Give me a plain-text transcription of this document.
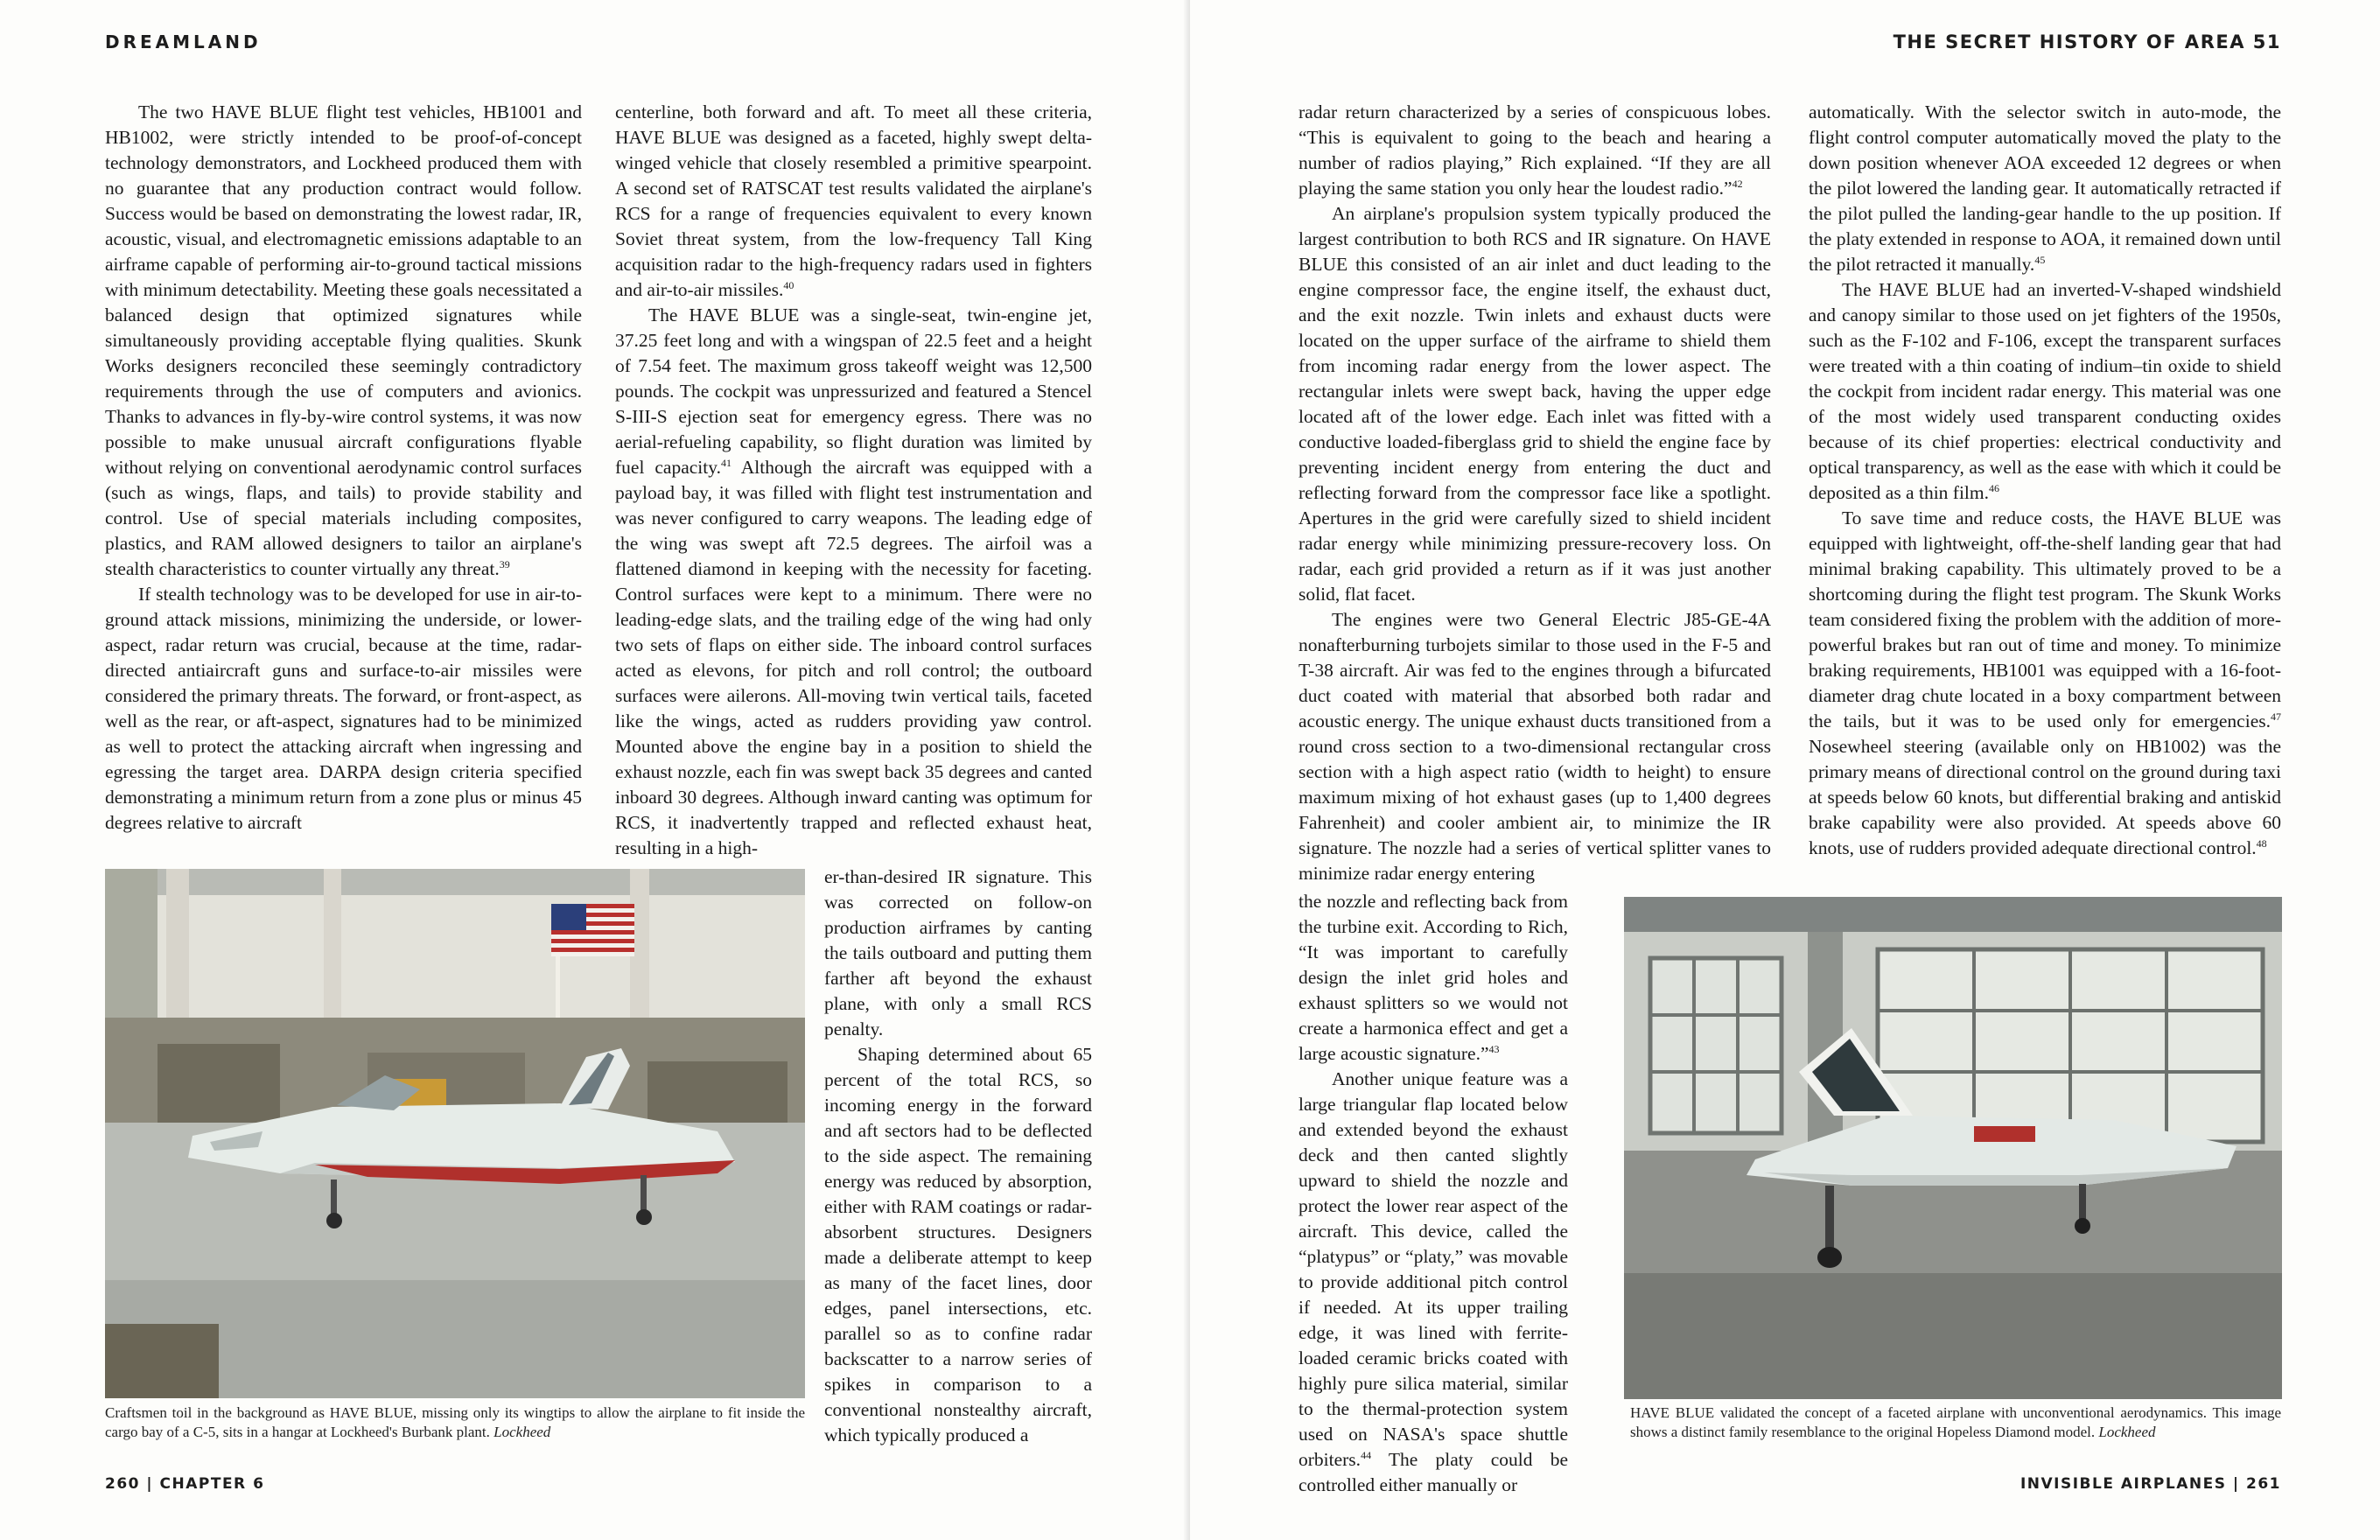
DREAMLAND

The two HAVE BLUE flight test vehicles, HB1001 and HB1002, were strictly intended to be proof-of-concept technology demonstrators, and Lockheed produced them with no guarantee that any production contract would follow. Success would be based on demonstrating the lowest radar, IR, acoustic, visual, and electromagnetic emissions adaptable to an airframe capable of performing air-to-ground tactical missions with minimum detectability. Meeting these goals necessitated a balanced design that optimized signatures while simultaneously providing acceptable flying qualities. Skunk Works designers reconciled these seemingly contradictory requirements through the use of computers and avionics. Thanks to advances in fly-by-wire control systems, it was now possible to make unusual aircraft configurations flyable without relying on conventional aerodynamic control surfaces (such as wings, flaps, and tails) to provide stability and control. Use of special materials including composites, plastics, and RAM allowed designers to tailor an airplane's stealth characteristics to counter virtually any threat.$^{39}$

If stealth technology was to be developed for use in air-to-ground attack missions, minimizing the underside, or lower-aspect, radar return was crucial, because at the time, radar-directed antiaircraft guns and surface-to-air missiles were considered the primary threats. The forward, or front-aspect, as well as the rear, or aft-aspect, signatures had to be minimized as well to protect the attacking aircraft when ingressing and egressing the target area. DARPA design criteria specified demonstrating a minimum return from a zone plus or minus 45 degrees relative to aircraft

centerline, both forward and aft. To meet all these criteria, HAVE BLUE was designed as a faceted, highly swept delta-winged vehicle that closely resembled a primitive spearpoint. A second set of RATSCAT test results validated the airplane's RCS for a range of frequencies equivalent to every known Soviet threat system, from the low-frequency Tall King acquisition radar to the high-frequency radars used in fighters and air-to-air missiles.$^{40}$

The HAVE BLUE was a single-seat, twin-engine jet, 37.25 feet long and with a wingspan of 22.5 feet and a height of 7.54 feet. The maximum gross takeoff weight was 12,500 pounds. The cockpit was unpressurized and featured a Stencel S-III-S ejection seat for emergency egress. There was no aerial-refueling capability, so flight duration was limited by fuel capacity.$^{41}$ Although the aircraft was equipped with a payload bay, it was filled with flight test instrumentation and was never configured to carry weapons. The leading edge of the wing was swept aft 72.5 degrees. The airfoil was a flattened diamond in keeping with the necessity for faceting. Control surfaces were kept to a minimum. There were no leading-edge slats, and the trailing edge of the wing had only two sets of flaps on either side. The inboard control surfaces acted as elevons, for pitch and roll control; the outboard surfaces were ailerons. All-moving twin vertical tails, faceted like the wings, acted as rudders providing yaw control. Mounted above the engine bay in a position to shield the exhaust nozzle, each fin was swept back 35 degrees and canted inboard 30 degrees. Although inward canting was optimum for RCS, it inadvertently trapped and reflected exhaust heat, resulting in a high-

er-than-desired IR signature. This was corrected on follow-on production airframes by canting the tails outboard and putting them farther aft beyond the exhaust plane, with only a small RCS penalty.

Shaping determined about 65 percent of the total RCS, so incoming energy in the forward and aft sectors had to be deflected to the side aspect. The remaining energy was reduced by absorption, either with RAM coatings or radar-absorbent structures. Designers made a deliberate attempt to keep as many of the facet lines, door edges, panel intersections, etc. parallel so as to confine radar backscatter to a narrow series of spikes in comparison to a conventional nonstealthy aircraft, which typically produced a

Craftsmen toil in the background as HAVE BLUE, missing only its wingtips to allow the airplane to fit inside the cargo bay of a C-5, sits in a hangar at Lockheed's Burbank plant. Lockheed
260 | CHAPTER 6
THE SECRET HISTORY OF AREA 51

radar return characterized by a series of conspicuous lobes. “This is equivalent to going to the beach and hearing a number of radios playing,” Rich explained. “If they are all playing the same station you only hear the loudest radio.”$^{42}$

An airplane's propulsion system typically produced the largest contribution to both RCS and IR signature. On HAVE BLUE this consisted of an air inlet and duct leading to the engine compressor face, the engine itself, the exhaust duct, and the exit nozzle. Twin inlets and exhaust ducts were located on the upper surface of the airframe to shield them from incoming radar energy from the lower aspect. The rectangular inlets were swept back, having the upper edge located aft of the lower edge. Each inlet was fitted with a conductive loaded-fiberglass grid to shield the engine face by preventing incident energy from entering the duct and reflecting forward from the compressor face like a spotlight. Apertures in the grid were carefully sized to shield incident radar energy while minimizing pressure-recovery loss. On radar, each grid provided a return as if it was just another solid, flat facet.

The engines were two General Electric J85-GE-4A nonafterburning turbojets similar to those used in the F-5 and T-38 aircraft. Air was fed to the engines through a bifurcated duct coated with material that absorbed both radar and acoustic energy. The unique exhaust ducts transitioned from a round cross section to a two-dimensional rectangular cross section with a high aspect ratio (width to height) to ensure maximum mixing of hot exhaust gases (up to 1,400 degrees Fahrenheit) and cooler ambient air, to minimize the IR signature. The nozzle had a series of vertical splitter vanes to minimize radar energy entering

the nozzle and reflecting back from the turbine exit. According to Rich, “It was important to carefully design the inlet grid holes and exhaust splitters so we would not create a harmonica effect and get a large acoustic signature.”$^{43}$

Another unique feature was a large triangular flap located below and extended beyond the exhaust deck and then canted slightly upward to shield the nozzle and protect the lower rear aspect of the aircraft. This device, called the “platypus” or “platy,” was movable to provide additional pitch control if needed. At its upper trailing edge, it was lined with ferrite-loaded ceramic bricks coated with highly pure silica material, similar to the thermal-protection system used on NASA's space shuttle orbiters.$^{44}$ The platy could be controlled either manually or

automatically. With the selector switch in auto-mode, the flight control computer automatically moved the platy to the down position whenever AOA exceeded 12 degrees or when the pilot lowered the landing gear. It automatically retracted if the pilot pulled the landing-gear handle to the up position. If the platy extended in response to AOA, it remained down until the pilot retracted it manually.$^{45}$

The HAVE BLUE had an inverted-V-shaped windshield and canopy similar to those used on jet fighters of the 1950s, such as the F-102 and F-106, except the transparent surfaces were treated with a thin coating of indium–tin oxide to shield the cockpit from incident radar energy. This material was one of the most widely used transparent conducting oxides because of its chief properties: electrical conductivity and optical transparency, as well as the ease with which it could be deposited as a thin film.$^{46}$

To save time and reduce costs, the HAVE BLUE was equipped with lightweight, off-the-shelf landing gear that had minimal braking capability. This ultimately proved to be a shortcoming during the flight test program. The Skunk Works team considered fixing the problem with the addition of more-powerful brakes but ran out of time and money. To minimize braking requirements, HB1001 was equipped with a 16-foot-diameter drag chute located in a boxy compartment between the tails, but it was to be used only for emergencies.$^{47}$ Nosewheel steering (available only on HB1002) was the primary means of directional control on the ground during taxi at speeds below 60 knots, but differential braking and antiskid brake capability were also provided. At speeds above 60 knots, use of rudders provided adequate directional control.$^{48}$

HAVE BLUE validated the concept of a faceted airplane with unconventional aerodynamics. This image shows a distinct family resemblance to the original Hopeless Diamond model. Lockheed
INVISIBLE AIRPLANES | 261
